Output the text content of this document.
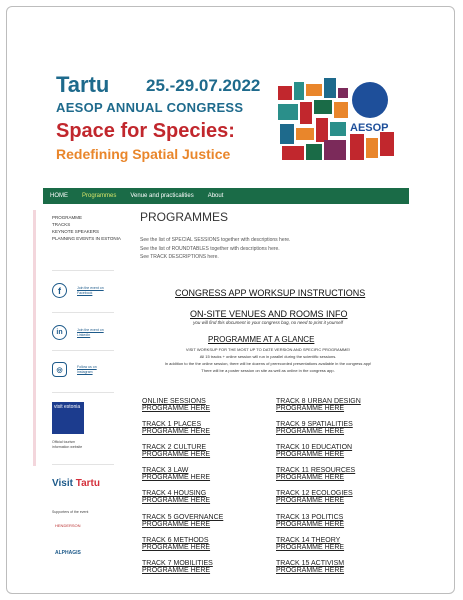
Tartu 25.-29.07.2022
AESOP ANNUAL CONGRESS
Space for Species:
Redefining Spatial Justice
AESOP
HOME	Programmes	Venue and practicalities	About
PROGRAMME
TRACKS
KEYNOTE SPEAKERS
PLANNING EVENTS IN ESTONIA
f	Join the event on Facebook
in	Join the event on LinkedIn
◎	Follow us on Instagram
visit estonia
Official tourism information website
Visit Tartu
Supporters of the event
HENDERSON
ALPHAGIS
PROGRAMMES
See the list of SPECIAL SESSIONS together with descriptions here.
See the list of ROUNDTABLES together with descriptions here.
See TRACK DESCRIPTIONS here.
CONGRESS APP WORKSUP INSTRUCTIONS
ON-SITE VENUES AND ROOMS INFO
you will find this document in your congress bag, no need to print it yourself
PROGRAMME AT A GLANCE
VISIT WORKSUP FOR THE MOST UP TO DATE VERSION AND SPECIFIC PROGRAMME!
All 15 tracks + online session will run in parallel during the scientific sessions.
In addition to the the online session, there will be dozens of prerecorded presentations available in the congress app!
There will be a poster session on site as well as online in the congress app.
ONLINE SESSIONS
PROGRAMME HERE
TRACK 1 PLACES
PROGRAMME HERE
TRACK 2 CULTURE
PROGRAMME HERE
TRACK 3 LAW
PROGRAMME HERE
TRACK 4 HOUSING
PROGRAMME HERE
TRACK 5 GOVERNANCE
PROGRAMME HERE
TRACK 6 METHODS
PROGRAMME HERE
TRACK 7 MOBILITIES
PROGRAMME HERE
TRACK 8 URBAN DESIGN
PROGRAMME HERE
TRACK 9 SPATIALITIES
PROGRAMME HERE
TRACK 10 EDUCATION
PROGRAMME HERE
TRACK 11 RESOURCES
PROGRAMME HERE
TRACK 12 ECOLOGIES
PROGRAMME HERE
TRACK 13 POLITICS
PROGRAMME HERE
TRACK 14 THEORY
PROGRAMME HERE
TRACK 15 ACTIVISM
PROGRAMME HERE
